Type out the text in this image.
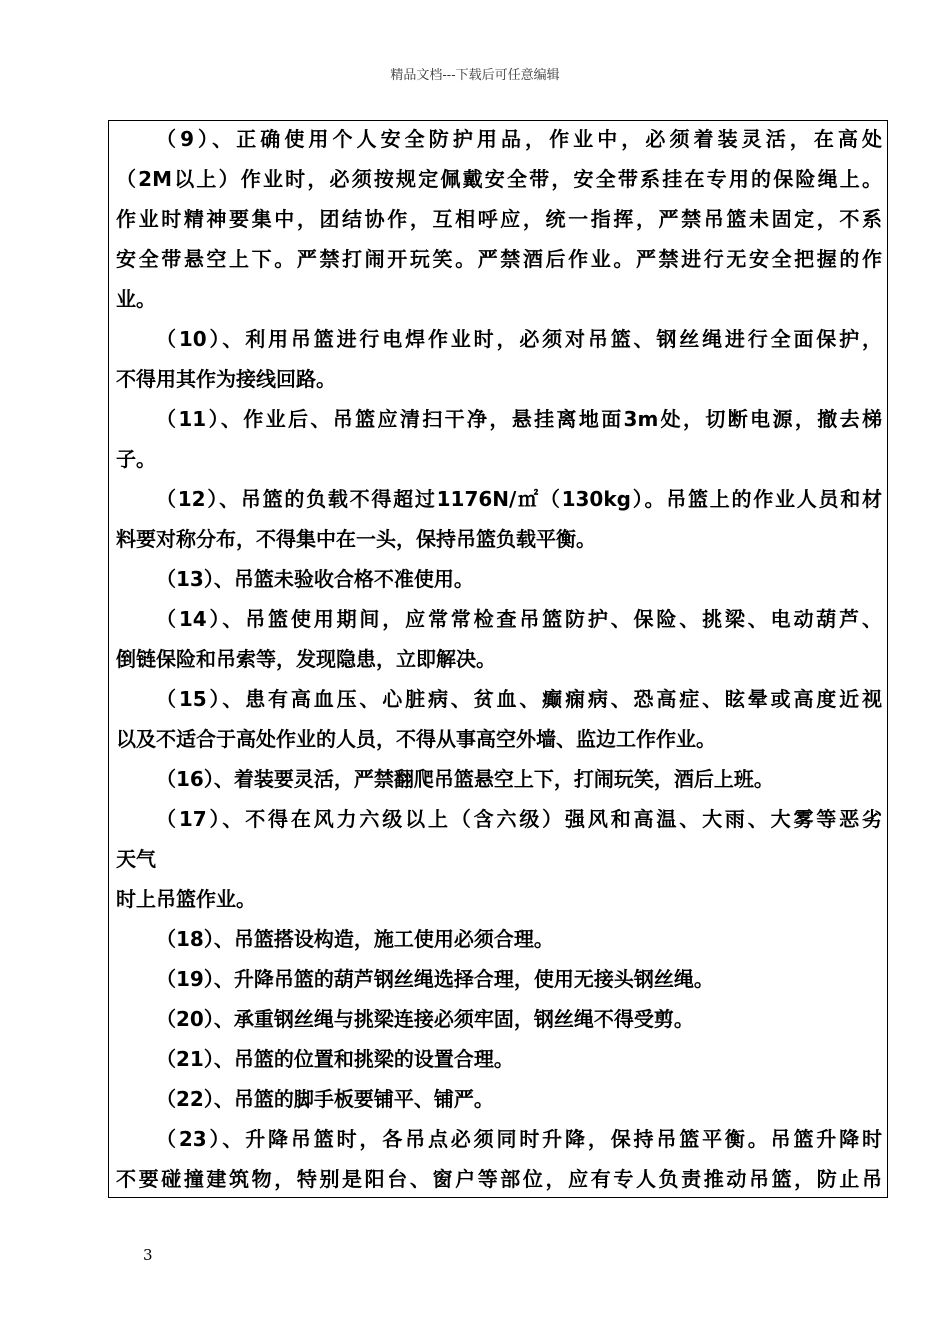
精品文档---下载后可任意编辑
（9）、正确使用个人安全防护用品，作业中，必须着装灵活，在高处
（2M以上）作业时，必须按规定佩戴安全带，安全带系挂在专用的保险绳上。
作业时精神要集中，团结协作，互相呼应，统一指挥，严禁吊篮未固定，不系
安全带悬空上下。严禁打闹开玩笑。严禁酒后作业。严禁进行无安全把握的作
业。
（10）、利用吊篮进行电焊作业时，必须对吊篮、钢丝绳进行全面保护，
不得用其作为接线回路。
（11）、作业后、吊篮应清扫干净，悬挂离地面3m处，切断电源，撤去梯
子。
（12）、吊篮的负载不得超过1176N/㎡（130kg）。吊篮上的作业人员和材
料要对称分布，不得集中在一头，保持吊篮负载平衡。
（13）、吊篮未验收合格不准使用。
（14）、吊篮使用期间，应常常检查吊篮防护、保险、挑梁、电动葫芦、
倒链保险和吊索等，发现隐患，立即解决。
（15）、患有高血压、心脏病、贫血、癫痫病、恐高症、眩晕或高度近视
以及不适合于高处作业的人员，不得从事高空外墙、监边工作作业。
（16）、着装要灵活，严禁翻爬吊篮悬空上下，打闹玩笑，酒后上班。
（17）、不得在风力六级以上（含六级）强风和高温、大雨、大雾等恶劣
天气
时上吊篮作业。
（18）、吊篮搭设构造，施工使用必须合理。
（19）、升降吊篮的葫芦钢丝绳选择合理，使用无接头钢丝绳。
（20）、承重钢丝绳与挑梁连接必须牢固，钢丝绳不得受剪。
（21）、吊篮的位置和挑梁的设置合理。
（22）、吊篮的脚手板要铺平、铺严。
（23）、升降吊篮时，各吊点必须同时升降，保持吊篮平衡。吊篮升降时
不要碰撞建筑物，特别是阳台、窗户等部位，应有专人负责推动吊篮，防止吊
3
